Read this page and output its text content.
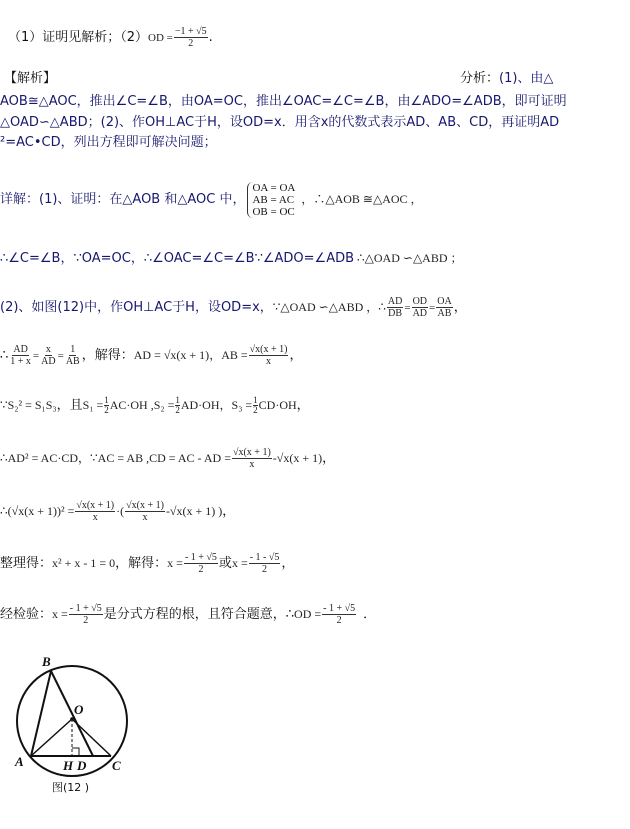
（1）证明见解析；$(2)OD = \frac{-1 + √5}{2}$ .
【解析】	分析：(1)、由△
AOB≅△AOC，推出∠C=∠B，由OA=OC，推出∠OAC=∠C=∠B，由∠ADO=∠ADB，即可证明
△OAD∽△ABD；(2)、作OH⊥AC于H，设OD=x．用含x的代数式表示AD、AB、CD，再证明AD
²=AC•CD，列出方程即可解决问题；
详解：(1)、证明：在△AOB 和△AOC 中，
OA = OA
AB = AC
OB = OC
，∴△AOB ≅△AOC ，
∴∠C=∠B，∵OA=OC，∴∠OAC=∠C=∠B∵∠ADO=∠ADB ∴△OAD ∽△ABD ；
(2)、如图(12)中，作OH⊥AC于H，设OD=x，∵△OAD ∽△ABD ，∴ $\frac{AD}{DB} = \frac{OD}{AD} = \frac{OA}{AB}$ ，
∴ $\frac{AD}{1 + x} = \frac{x}{AD} = \frac{1}{AB}$ ，解得：AD = √x(x + 1)，AB = $\frac{√x(x + 1)}{x}$ ，
∵S₂² = S₁S₃，且$S_1 = \frac{1}{2} AC\cdot OH$ $,S_2 = \frac{1}{2} AD\cdot OH$，$S_3 = \frac{1}{2} CD\cdot OH$，
∴AD² = AC·CD，∵AC = AB ,CD = AC - AD = $\frac{√x(x + 1)}{x} -√x(x + 1)$，
∴(√x(x + $1))^2 = \frac{√x(x + 1)}{x}$ ·( $\frac{√x(x + 1)}{x} -√x(x + 1)$ )，
整理得：x² + x - 1 = 0，解得：$x = \frac{- 1 + √5}{2}$ 或$x = \frac{- 1 - √5}{2}$ ，
经检验：$x = \frac{- 1 + √5}{2}$ 是分式方程的根，且符合题意，∴OD = $\frac{- 1 + √5}{2}$ ．
B
O
A	H D C
图(12 )
